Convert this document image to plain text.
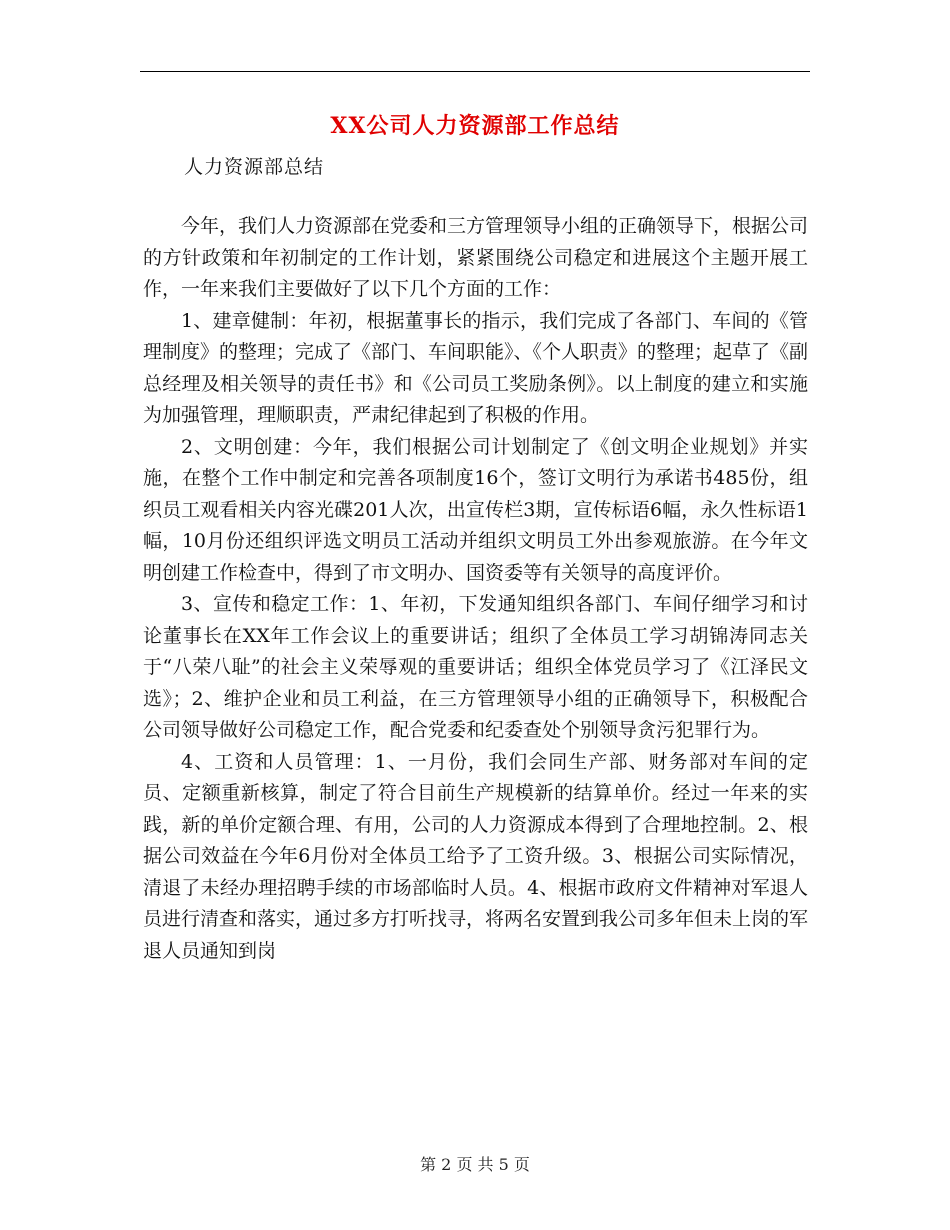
XX公司人力资源部工作总结
人力资源部总结

今年，我们人力资源部在党委和三方管理领导小组的正确领导下，根据公司的方针政策和年初制定的工作计划，紧紧围绕公司稳定和进展这个主题开展工作，一年来我们主要做好了以下几个方面的工作：

1、建章健制：年初，根据董事长的指示，我们完成了各部门、车间的《管理制度》的整理；完成了《部门、车间职能》、《个人职责》的整理；起草了《副总经理及相关领导的责任书》和《公司员工奖励条例》。以上制度的建立和实施为加强管理，理顺职责，严肃纪律起到了积极的作用。

2、文明创建：今年，我们根据公司计划制定了《创文明企业规划》并实施，在整个工作中制定和完善各项制度16个，签订文明行为承诺书485份，组织员工观看相关内容光碟201人次，出宣传栏3期，宣传标语6幅，永久性标语1幅，10月份还组织评选文明员工活动并组织文明员工外出参观旅游。在今年文明创建工作检查中，得到了市文明办、国资委等有关领导的高度评价。

3、宣传和稳定工作：1、年初，下发通知组织各部门、车间仔细学习和讨论董事长在XX年工作会议上的重要讲话；组织了全体员工学习胡锦涛同志关于“八荣八耻”的社会主义荣辱观的重要讲话；组织全体党员学习了《江泽民文选》；2、维护企业和员工利益，在三方管理领导小组的正确领导下，积极配合公司领导做好公司稳定工作，配合党委和纪委查处个别领导贪污犯罪行为。

4、工资和人员管理：1、一月份，我们会同生产部、财务部对车间的定员、定额重新核算，制定了符合目前生产规模新的结算单价。经过一年来的实践，新的单价定额合理、有用，公司的人力资源成本得到了合理地控制。2、根据公司效益在今年6月份对全体员工给予了工资升级。3、根据公司实际情况，清退了未经办理招聘手续的市场部临时人员。4、根据市政府文件精神对军退人员进行清查和落实，通过多方打听找寻，将两名安置到我公司多年但未上岗的军退人员通知到岗

第 2 页 共 5 页
